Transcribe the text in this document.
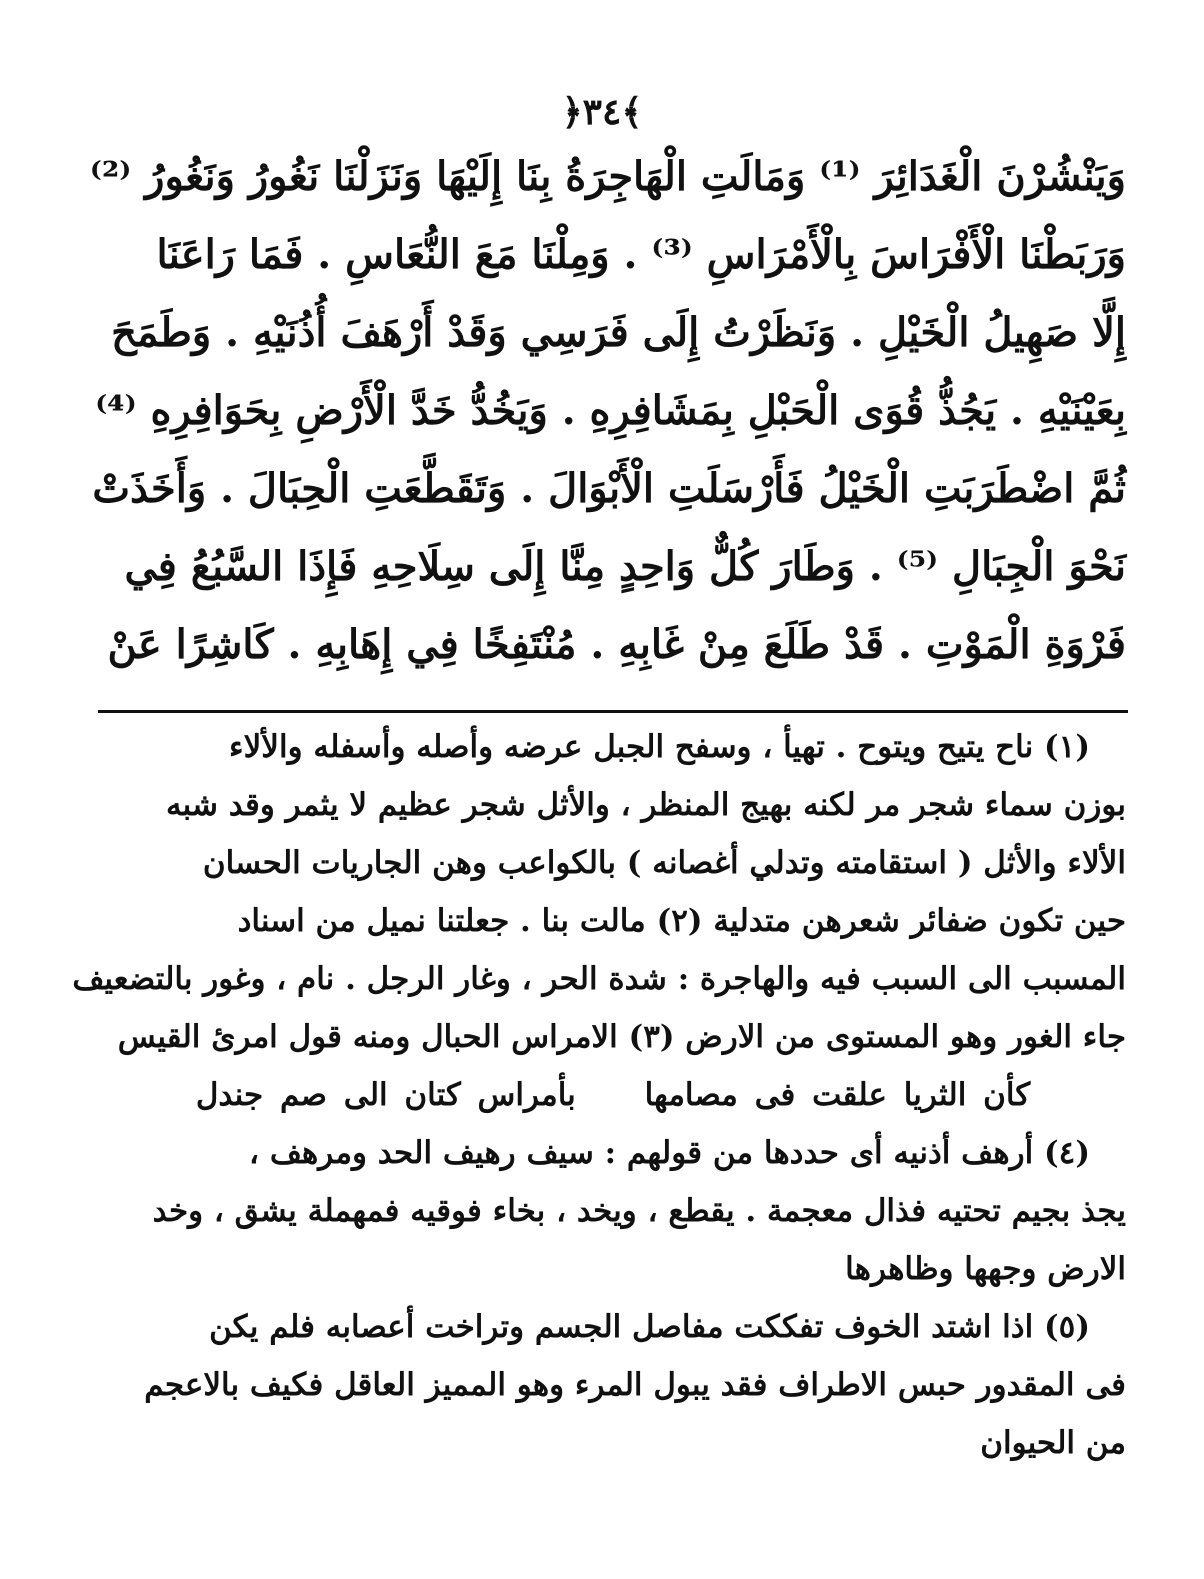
﴿٣٤﴾
وَيَنْشُرْنَ الْغَدَائِرَ ⁽¹⁾ وَمَالَتِ الْهَاجِرَةُ بِنَا إِلَيْهَا وَنَزَلْنَا نَغُورُ وَنَغُورُ ⁽²⁾
وَرَبَطْنَا الْأَفْرَاسَ بِالْأَمْرَاسِ ⁽³⁾ . وَمِلْنَا مَعَ النُّعَاسِ . فَمَا رَاعَنَا
إِلَّا صَهِيلُ الْخَيْلِ . وَنَظَرْتُ إِلَى فَرَسِي وَقَدْ أَرْهَفَ أُذُنَيْهِ . وَطَمَحَ
بِعَيْنَيْهِ . يَجُذُّ قُوَى الْحَبْلِ بِمَشَافِرِهِ . وَيَخُدُّ خَدَّ الْأَرْضِ بِحَوَافِرِهِ ⁽⁴⁾
ثُمَّ اضْطَرَبَتِ الْخَيْلُ فَأَرْسَلَتِ الْأَبْوَالَ . وَتَقَطَّعَتِ الْحِبَالَ . وَأَخَذَتْ
نَحْوَ الْجِبَالِ ⁽⁵⁾ . وَطَارَ كُلٌّ وَاحِدٍ مِنَّا إِلَى سِلَاحِهِ فَإِذَا السَّبُعُ فِي
فَرْوَةِ الْمَوْتِ . قَدْ طَلَعَ مِنْ غَابِهِ . مُنْتَفِخًا فِي إِهَابِهِ . كَاشِرًا عَنْ
(١) ناح يتيح ويتوح . تهيأ ، وسفح الجبل عرضه وأصله وأسفله والألاء
بوزن سماء شجر مر لكنه بهيج المنظر ، والأثل شجر عظيم لا يثمر وقد شبه
الألاء والأثل ( استقامته وتدلي أغصانه ) بالكواعب وهن الجاريات الحسان
حين تكون ضفائر شعرهن متدلية (٢) مالت بنا . جعلتنا نميل من اسناد
المسبب الى السبب فيه والهاجرة : شدة الحر ، وغار الرجل . نام ، وغور بالتضعيف
جاء الغور وهو المستوى من الارض (٣) الامراس الحبال ومنه قول امرئ القيس
كأن الثريا علقت فى مصامها بأمراس كتان الى صم جندل
(٤) أرهف أذنيه أى حددها من قولهم : سيف رهيف الحد ومرهف ،
يجذ بجيم تحتيه فذال معجمة . يقطع ، ويخد ، بخاء فوقيه فمهملة يشق ، وخد
الارض وجهها وظاهرها
(٥) اذا اشتد الخوف تفككت مفاصل الجسم وتراخت أعصابه فلم يكن
فى المقدور حبس الاطراف فقد يبول المرء وهو المميز العاقل فكيف بالاعجم
من الحيوان
